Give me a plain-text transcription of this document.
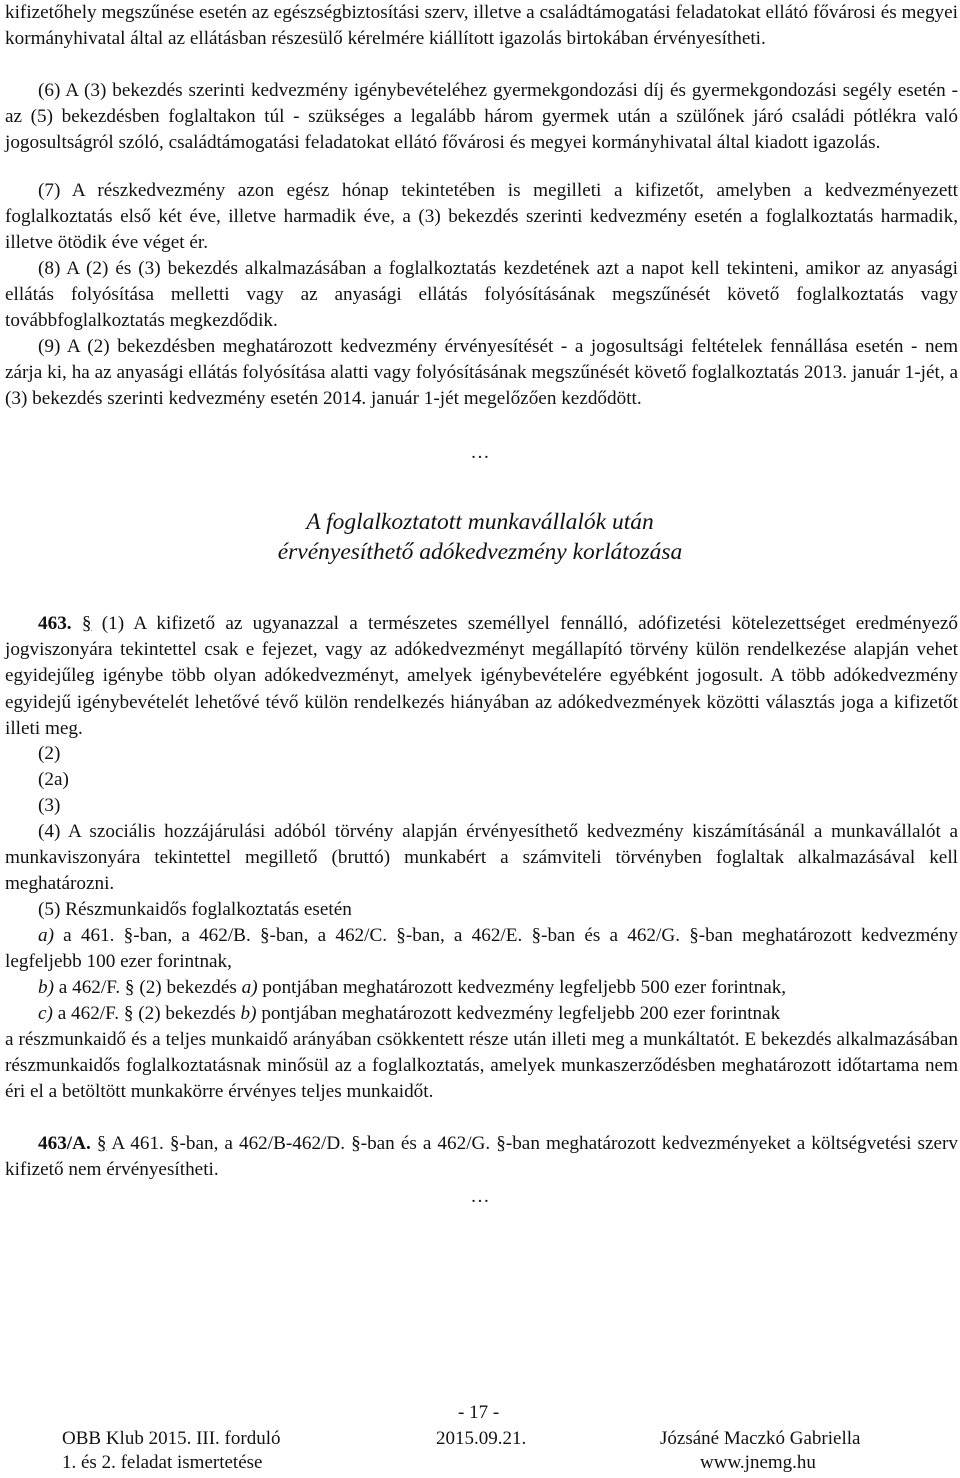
kifizetőhely megszűnése esetén az egészségbiztosítási szerv, illetve a családtámogatási feladatokat ellátó fővárosi és megyei kormányhivatal által az ellátásban részesülő kérelmére kiállított igazolás birtokában érvényesítheti.

(6) A (3) bekezdés szerinti kedvezmény igénybevételéhez gyermekgondozási díj és gyermekgondozási segély esetén - az (5) bekezdésben foglaltakon túl - szükséges a legalább három gyermek után a szülőnek járó családi pótlékra való jogosultságról szóló, családtámogatási feladatokat ellátó fővárosi és megyei kormányhivatal által kiadott igazolás.

(7) A részkedvezmény azon egész hónap tekintetében is megilleti a kifizetőt, amelyben a kedvezményezett foglalkoztatás első két éve, illetve harmadik éve, a (3) bekezdés szerinti kedvezmény esetén a foglalkoztatás harmadik, illetve ötödik éve véget ér.

(8) A (2) és (3) bekezdés alkalmazásában a foglalkoztatás kezdetének azt a napot kell tekinteni, amikor az anyasági ellátás folyósítása melletti vagy az anyasági ellátás folyósításának megszűnését követő foglalkoztatás vagy továbbfoglalkoztatás megkezdődik.

(9) A (2) bekezdésben meghatározott kedvezmény érvényesítését - a jogosultsági feltételek fennállása esetén - nem zárja ki, ha az anyasági ellátás folyósítása alatti vagy folyósításának megszűnését követő foglalkoztatás 2013. január 1-jét, a (3) bekezdés szerinti kedvezmény esetén 2014. január 1-jét megelőzően kezdődött.

…

A foglalkoztatott munkavállalók után

érvényesíthető adókedvezmény korlátozása

463. § (1) A kifizető az ugyanazzal a természetes személlyel fennálló, adófizetési kötelezettséget eredményező jogviszonyára tekintettel csak e fejezet, vagy az adókedvezményt megállapító törvény külön rendelkezése alapján vehet egyidejűleg igénybe több olyan adókedvezményt, amelyek igénybevételére egyébként jogosult. A több adókedvezmény egyidejű igénybevételét lehetővé tévő külön rendelkezés hiányában az adókedvezmények közötti választás joga a kifizetőt illeti meg.

(2)

(2a)

(3)

(4) A szociális hozzájárulási adóból törvény alapján érvényesíthető kedvezmény kiszámításánál a munkavállalót a munkaviszonyára tekintettel megillető (bruttó) munkabért a számviteli törvényben foglaltak alkalmazásával kell meghatározni.

(5) Részmunkaidős foglalkoztatás esetén

a) a 461. §-ban, a 462/B. §-ban, a 462/C. §-ban, a 462/E. §-ban és a 462/G. §-ban meghatározott kedvezmény legfeljebb 100 ezer forintnak,

b) a 462/F. § (2) bekezdés a) pontjában meghatározott kedvezmény legfeljebb 500 ezer forintnak,

c) a 462/F. § (2) bekezdés b) pontjában meghatározott kedvezmény legfeljebb 200 ezer forintnak

a részmunkaidő és a teljes munkaidő arányában csökkentett része után illeti meg a munkáltatót. E bekezdés alkalmazásában részmunkaidős foglalkoztatásnak minősül az a foglalkoztatás, amelyek munkaszerződésben meghatározott időtartama nem éri el a betöltött munkakörre érvényes teljes munkaidőt.

463/A. § A 461. §-ban, a 462/B-462/D. §-ban és a 462/G. §-ban meghatározott kedvezményeket a költségvetési szerv kifizető nem érvényesítheti.

…

- 17 -

OBB Klub 2015. III. forduló

1. és 2. feladat ismertetése

2015.09.21.	Józsáné Maczkó Gabriella

www.jnemg.hu
